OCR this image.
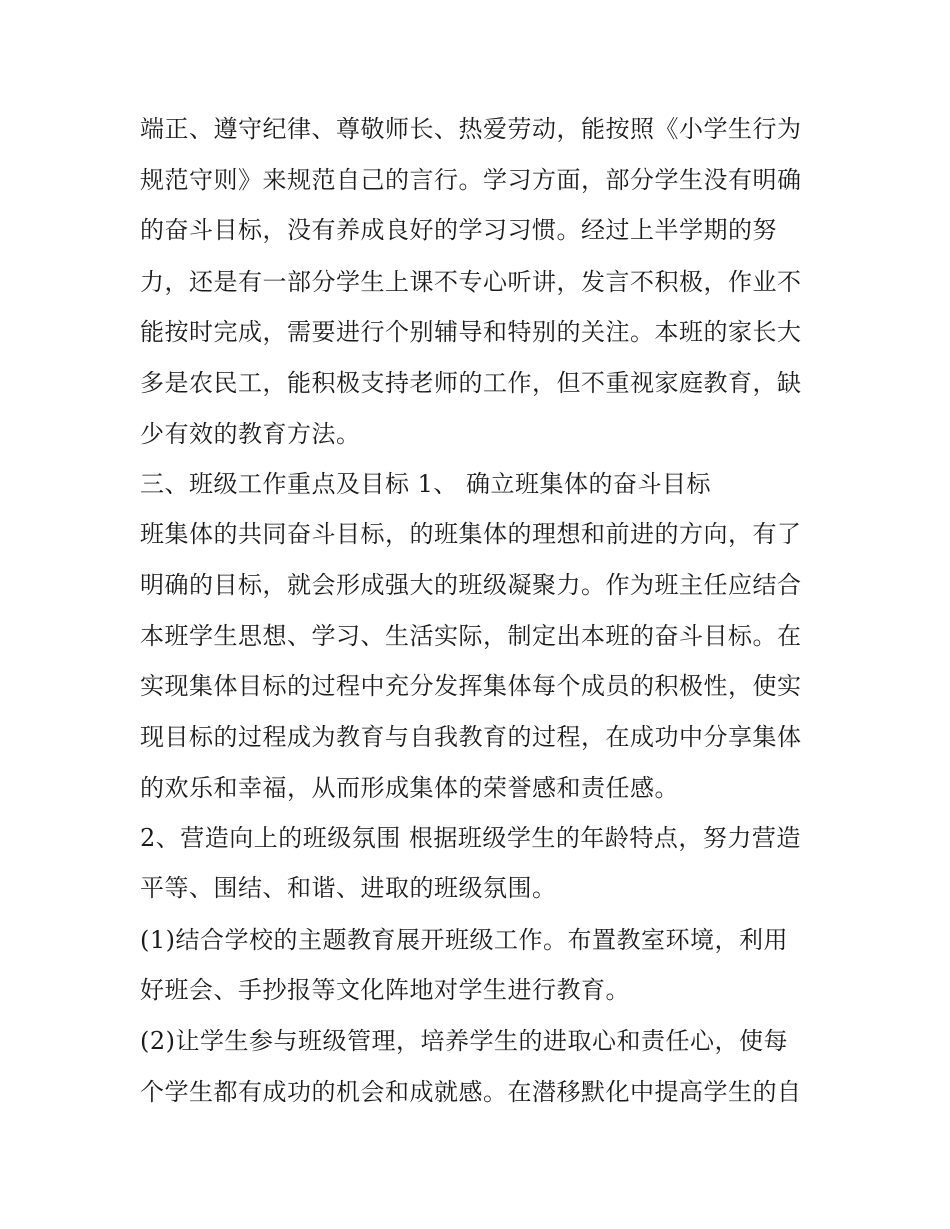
端正、遵守纪律、尊敬师长、热爱劳动，能按照《小学生行为
规范守则》来规范自己的言行。学习方面，部分学生没有明确
的奋斗目标，没有养成良好的学习习惯。经过上半学期的努
力，还是有一部分学生上课不专心听讲，发言不积极，作业不
能按时完成，需要进行个别辅导和特别的关注。本班的家长大
多是农民工，能积极支持老师的工作，但不重视家庭教育，缺
少有效的教育方法。
三、班级工作重点及目标 1、 确立班集体的奋斗目标
班集体的共同奋斗目标，的班集体的理想和前进的方向，有了
明确的目标，就会形成强大的班级凝聚力。作为班主任应结合
本班学生思想、学习、生活实际，制定出本班的奋斗目标。在
实现集体目标的过程中充分发挥集体每个成员的积极性，使实
现目标的过程成为教育与自我教育的过程，在成功中分享集体
的欢乐和幸福，从而形成集体的荣誉感和责任感。
2、营造向上的班级氛围 根据班级学生的年龄特点，努力营造
平等、围结、和谐、进取的班级氛围。
(1)结合学校的主题教育展开班级工作。布置教室环境，利用
好班会、手抄报等文化阵地对学生进行教育。
(2)让学生参与班级管理，培养学生的进取心和责任心，使每
个学生都有成功的机会和成就感。在潜移默化中提高学生的自
